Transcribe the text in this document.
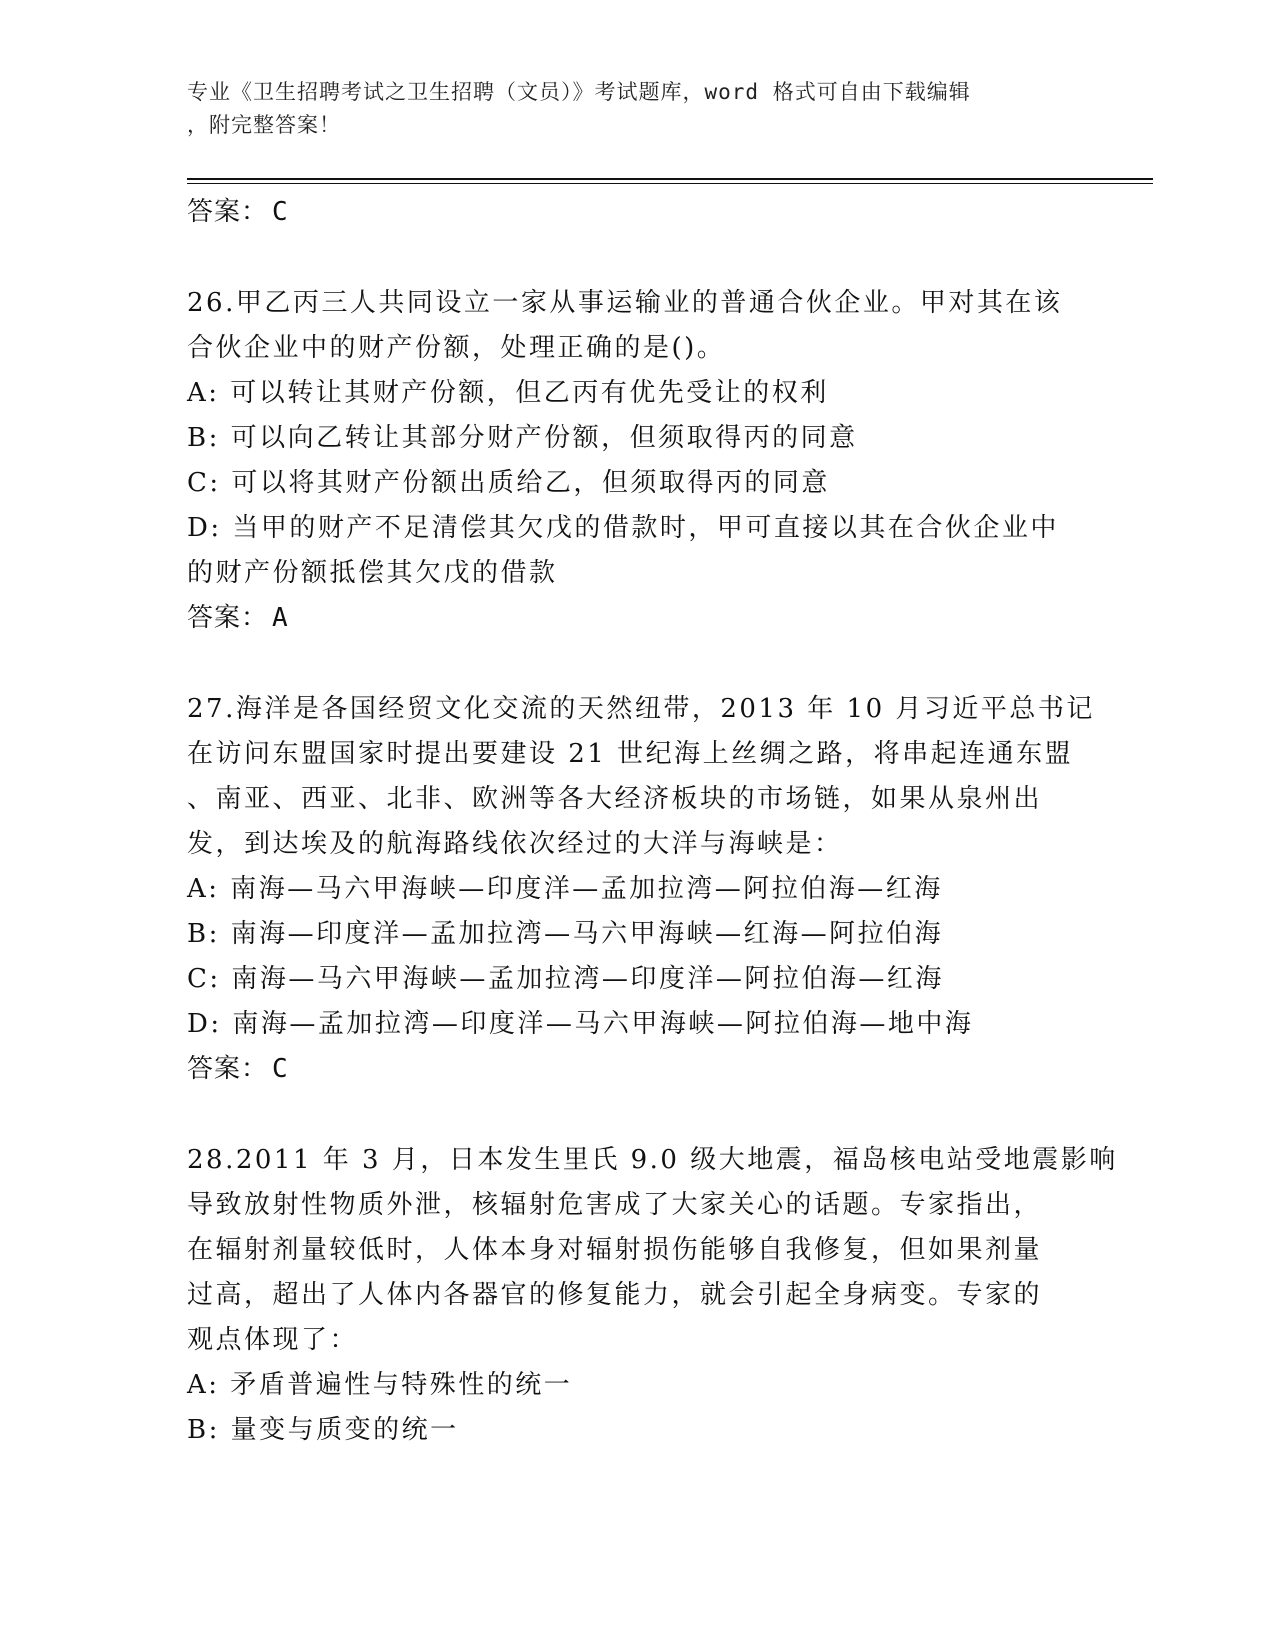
专业《卫生招聘考试之卫生招聘（文员）》考试题库，word 格式可自由下载编辑
，附完整答案！
答案： C
26.甲乙丙三人共同设立一家从事运输业的普通合伙企业。甲对其在该
合伙企业中的财产份额，处理正确的是()。
A: 可以转让其财产份额，但乙丙有优先受让的权利
B: 可以向乙转让其部分财产份额，但须取得丙的同意
C: 可以将其财产份额出质给乙，但须取得丙的同意
D: 当甲的财产不足清偿其欠戊的借款时，甲可直接以其在合伙企业中
的财产份额抵偿其欠戊的借款
答案： A
27.海洋是各国经贸文化交流的天然纽带，2013 年 10 月习近平总书记
在访问东盟国家时提出要建设 21 世纪海上丝绸之路，将串起连通东盟
、南亚、西亚、北非、欧洲等各大经济板块的市场链，如果从泉州出
发，到达埃及的航海路线依次经过的大洋与海峡是：
A: 南海—马六甲海峡—印度洋—孟加拉湾—阿拉伯海—红海
B: 南海—印度洋—孟加拉湾—马六甲海峡—红海—阿拉伯海
C: 南海—马六甲海峡—孟加拉湾—印度洋—阿拉伯海—红海
D: 南海—孟加拉湾—印度洋—马六甲海峡—阿拉伯海—地中海
答案： C
28.2011 年 3 月，日本发生里氏 9.0 级大地震，福岛核电站受地震影响
导致放射性物质外泄，核辐射危害成了大家关心的话题。专家指出，
在辐射剂量较低时，人体本身对辐射损伤能够自我修复，但如果剂量
过高，超出了人体内各器官的修复能力，就会引起全身病变。专家的
观点体现了：
A: 矛盾普遍性与特殊性的统一
B: 量变与质变的统一
